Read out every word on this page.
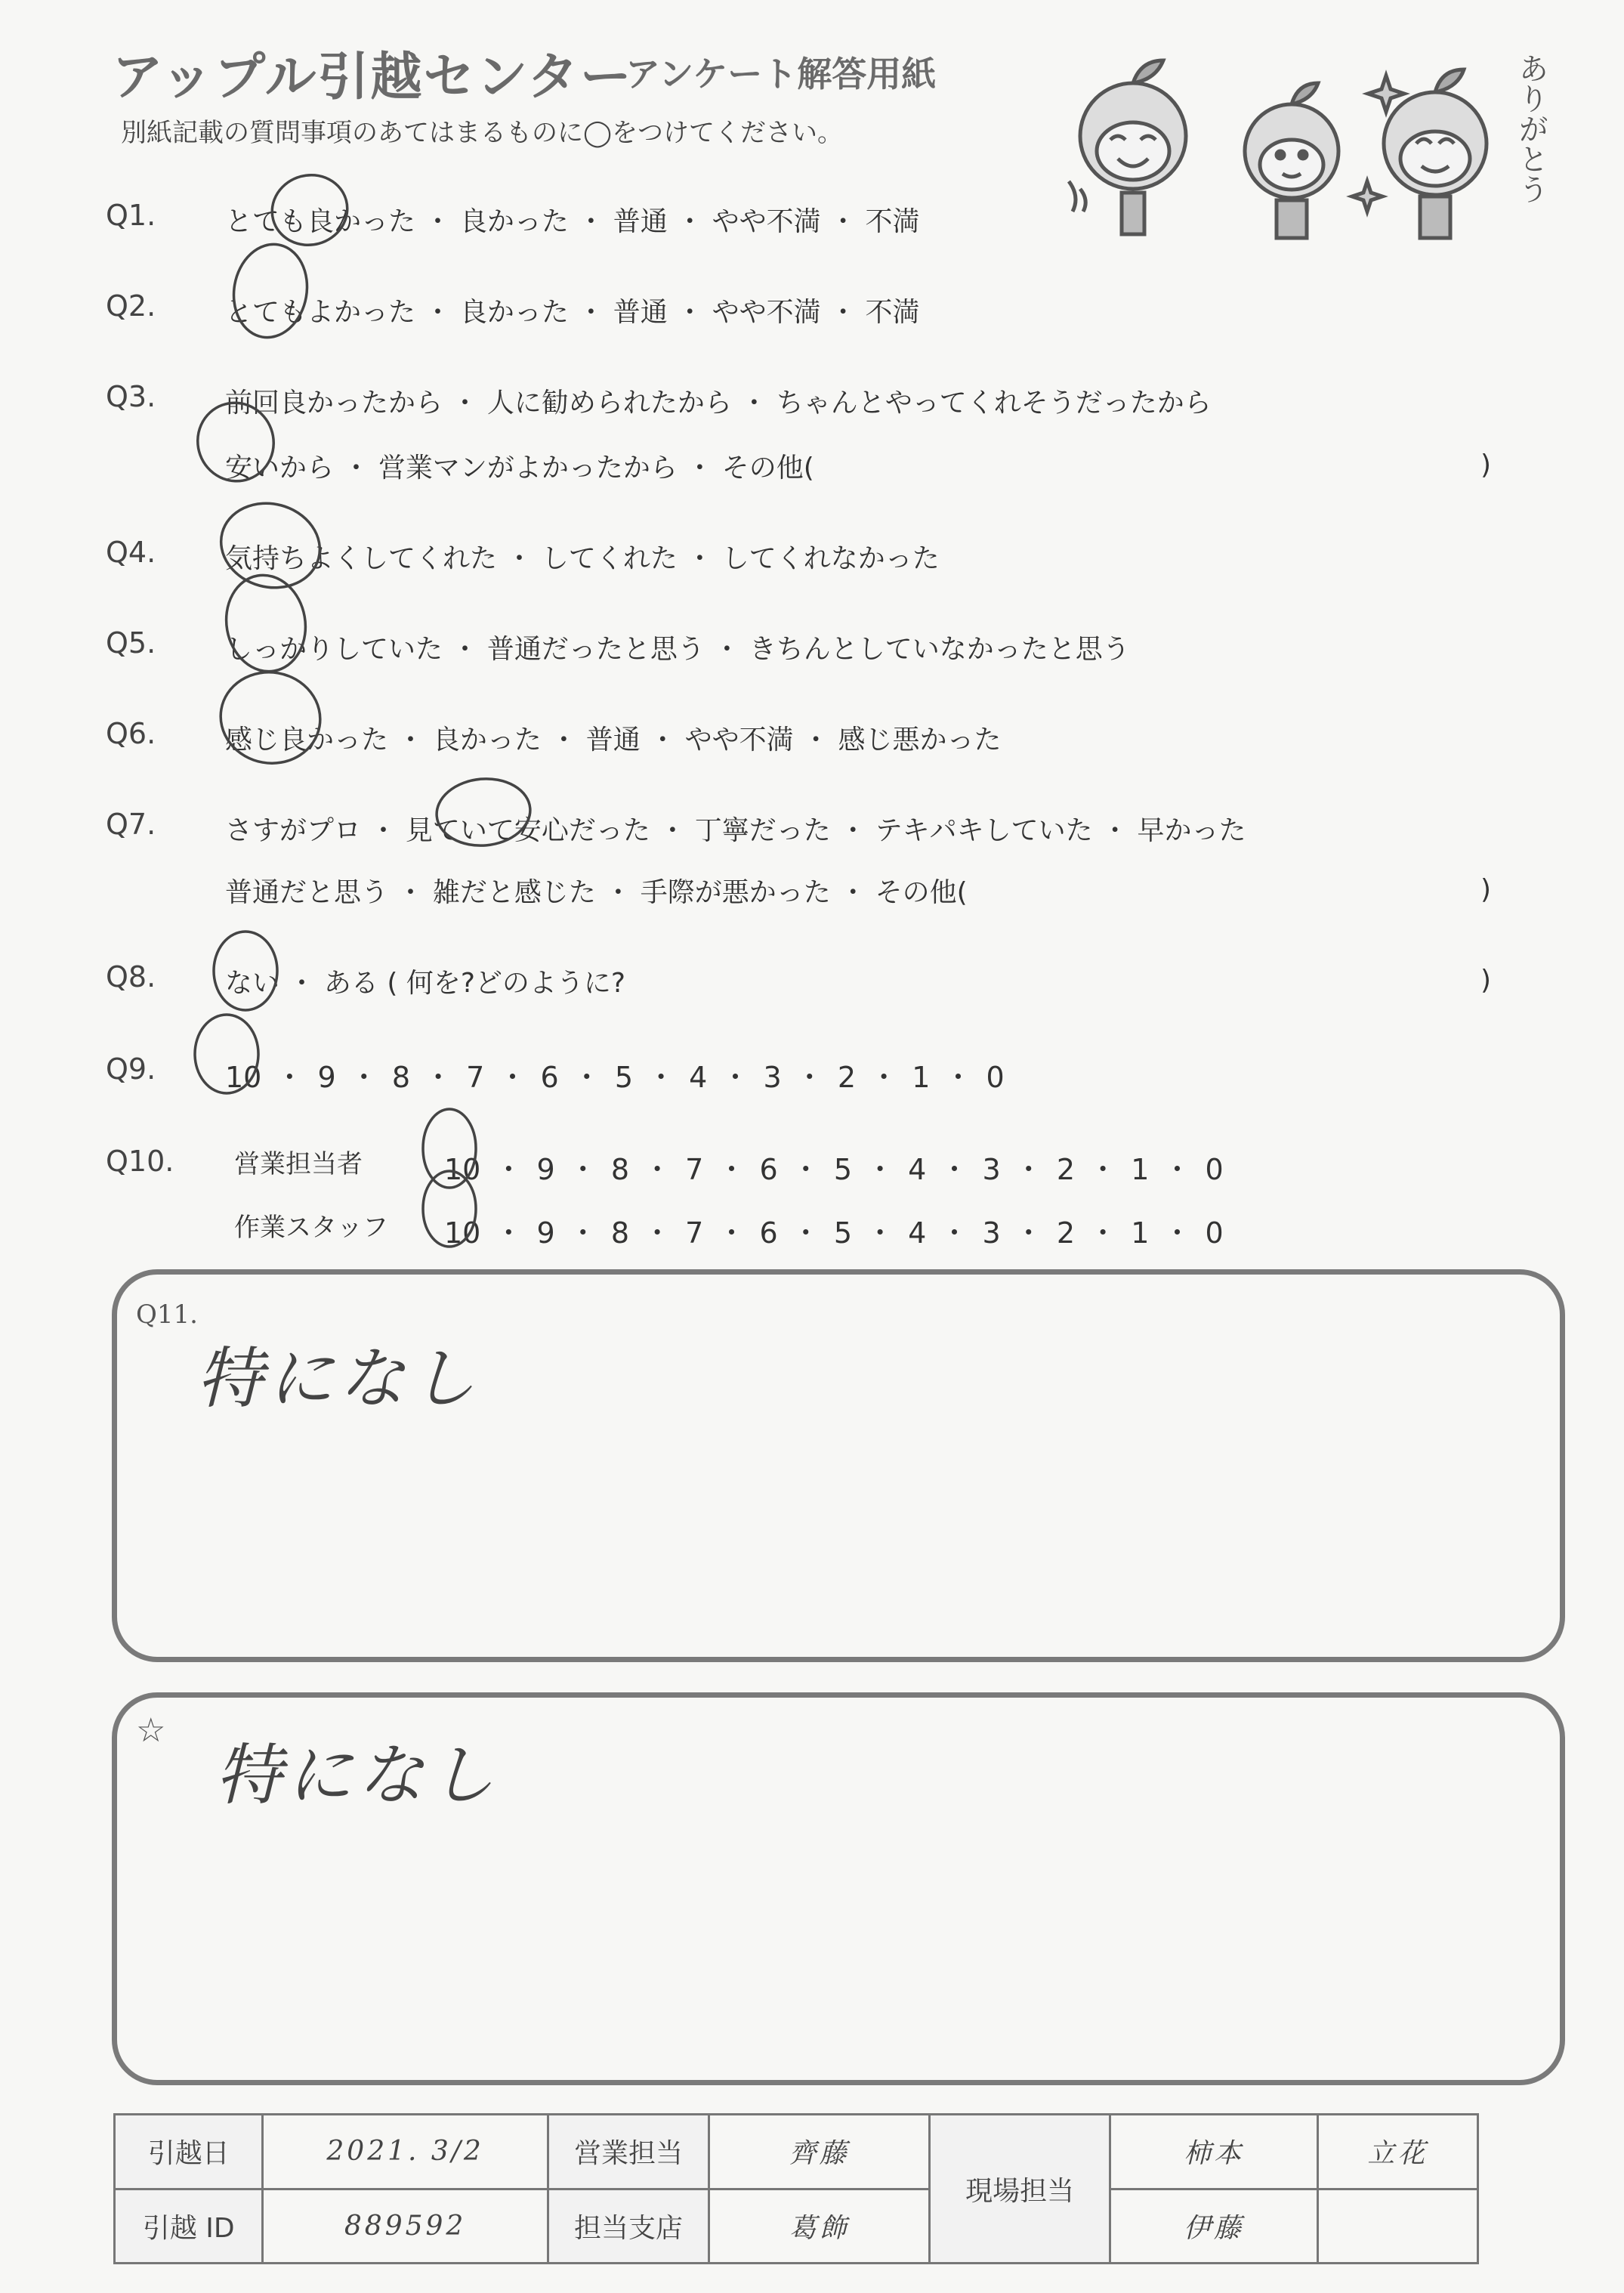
アップル引越センター
アンケート解答用紙
別紙記載の質問事項のあてはまるものに◯をつけてください。	ありがとう
Q1.	とても良かった ・ 良かった ・ 普通 ・ やや不満 ・ 不満
Q2.	とてもよかった ・ 良かった ・ 普通 ・ やや不満 ・ 不満
Q3.	前回良かったから ・ 人に勧められたから ・ ちゃんとやってくれそうだったから
安いから ・ 営業マンがよかったから ・ その他(	)
Q4.	気持ちよくしてくれた ・ してくれた ・ してくれなかった
Q5.	しっかりしていた ・ 普通だったと思う ・ きちんとしていなかったと思う
Q6.	感じ良かった ・ 良かった ・ 普通 ・ やや不満 ・ 感じ悪かった
Q7.	さすがプロ ・ 見ていて安心だった ・ 丁寧だった ・ テキパキしていた ・ 早かった
普通だと思う ・ 雑だと感じた ・ 手際が悪かった ・ その他(	)
Q8.	ない ・ ある ( 何を?どのように?	)
Q9. 10 ・ 9 ・ 8 ・ 7 ・ 6 ・ 5 ・ 4 ・ 3 ・ 2 ・ 1 ・ 0
Q10. 営業担当者	10 ・ 9 ・ 8 ・ 7 ・ 6 ・ 5 ・ 4 ・ 3 ・ 2 ・ 1 ・ 0
作業スタッフ 10 ・ 9 ・ 8 ・ 7 ・ 6 ・ 5 ・ 4 ・ 3 ・ 2 ・ 1 ・ 0
Q11.
特になし
☆
特になし
引越日	2021. 3/2	営業担当	齊藤	現場担当	柿本	立花
引越 ID	889592	担当支店	葛飾		伊藤	
